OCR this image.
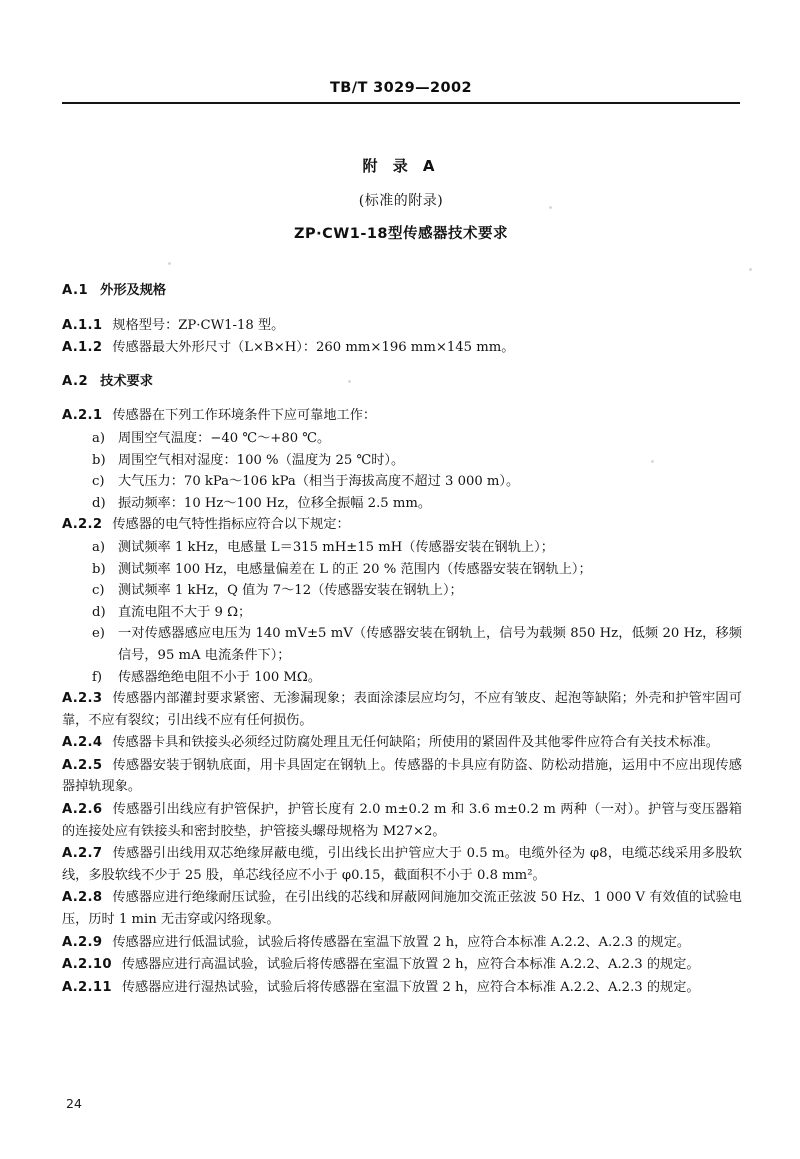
TB/T 3029—2002
附 录 A
(标准的附录)
ZP·CW1-18型传感器技术要求
A.1 外形及规格
A.1.1 规格型号：ZP·CW1-18 型。
A.1.2 传感器最大外形尺寸（L×B×H）：260 mm×196 mm×145 mm。
A.2 技术要求
A.2.1 传感器在下列工作环境条件下应可靠地工作：
a) 周围空气温度：−40 ℃～+80 ℃。
b) 周围空气相对湿度：100 %（温度为 25 ℃时）。
c)	大气压力：70 kPa～106 kPa（相当于海拔高度不超过 3 000 m）。
d) 振动频率：10 Hz～100 Hz，位移全振幅 2.5 mm。
A.2.2 传感器的电气特性指标应符合以下规定：
a) 测试频率 1 kHz，电感量 L＝315 mH±15 mH（传感器安装在钢轨上）；
b) 测试频率 100 Hz，电感量偏差在 L 的正 20 % 范围内（传感器安装在钢轨上）；
c)	测试频率 1 kHz，Q 值为 7～12（传感器安装在钢轨上）；
d) 直流电阻不大于 9 Ω；
e) 一对传感器感应电压为 140 mV±5 mV（传感器安装在钢轨上，信号为载频 850 Hz，低频 20 Hz，移频信号，95 mA 电流条件下）；
f)	传感器绝绝电阻不小于 100 MΩ。
A.2.3 传感器内部灌封要求紧密、无渗漏现象；表面涂漆层应均匀，不应有皱皮、起泡等缺陷；外壳和护管牢固可靠，不应有裂纹；引出线不应有任何损伤。
A.2.4 传感器卡具和铁接头必须经过防腐处理且无任何缺陷；所使用的紧固件及其他零件应符合有关技术标准。
A.2.5 传感器安装于钢轨底面，用卡具固定在钢轨上。传感器的卡具应有防盗、防松动措施，运用中不应出现传感器掉轨现象。
A.2.6 传感器引出线应有护管保护，护管长度有 2.0 m±0.2 m 和 3.6 m±0.2 m 两种（一对）。护管与变压器箱的连接处应有铁接头和密封胶垫，护管接头螺母规格为 M27×2。
A.2.7 传感器引出线用双芯绝缘屏蔽电缆，引出线长出护管应大于 0.5 m。电缆外径为 φ8，电缆芯线采用多股软线，多股软线不少于 25 股，单芯线径应不小于 φ0.15，截面积不小于 0.8 mm²。
A.2.8 传感器应进行绝缘耐压试验，在引出线的芯线和屏蔽网间施加交流正弦波 50 Hz、1 000 V 有效值的试验电压，历时 1 min 无击穿或闪络现象。
A.2.9 传感器应进行低温试验，试验后将传感器在室温下放置 2 h，应符合本标准 A.2.2、A.2.3 的规定。
A.2.10 传感器应进行高温试验，试验后将传感器在室温下放置 2 h，应符合本标准 A.2.2、A.2.3 的规定。
A.2.11 传感器应进行湿热试验，试验后将传感器在室温下放置 2 h，应符合本标准 A.2.2、A.2.3 的规定。
24
